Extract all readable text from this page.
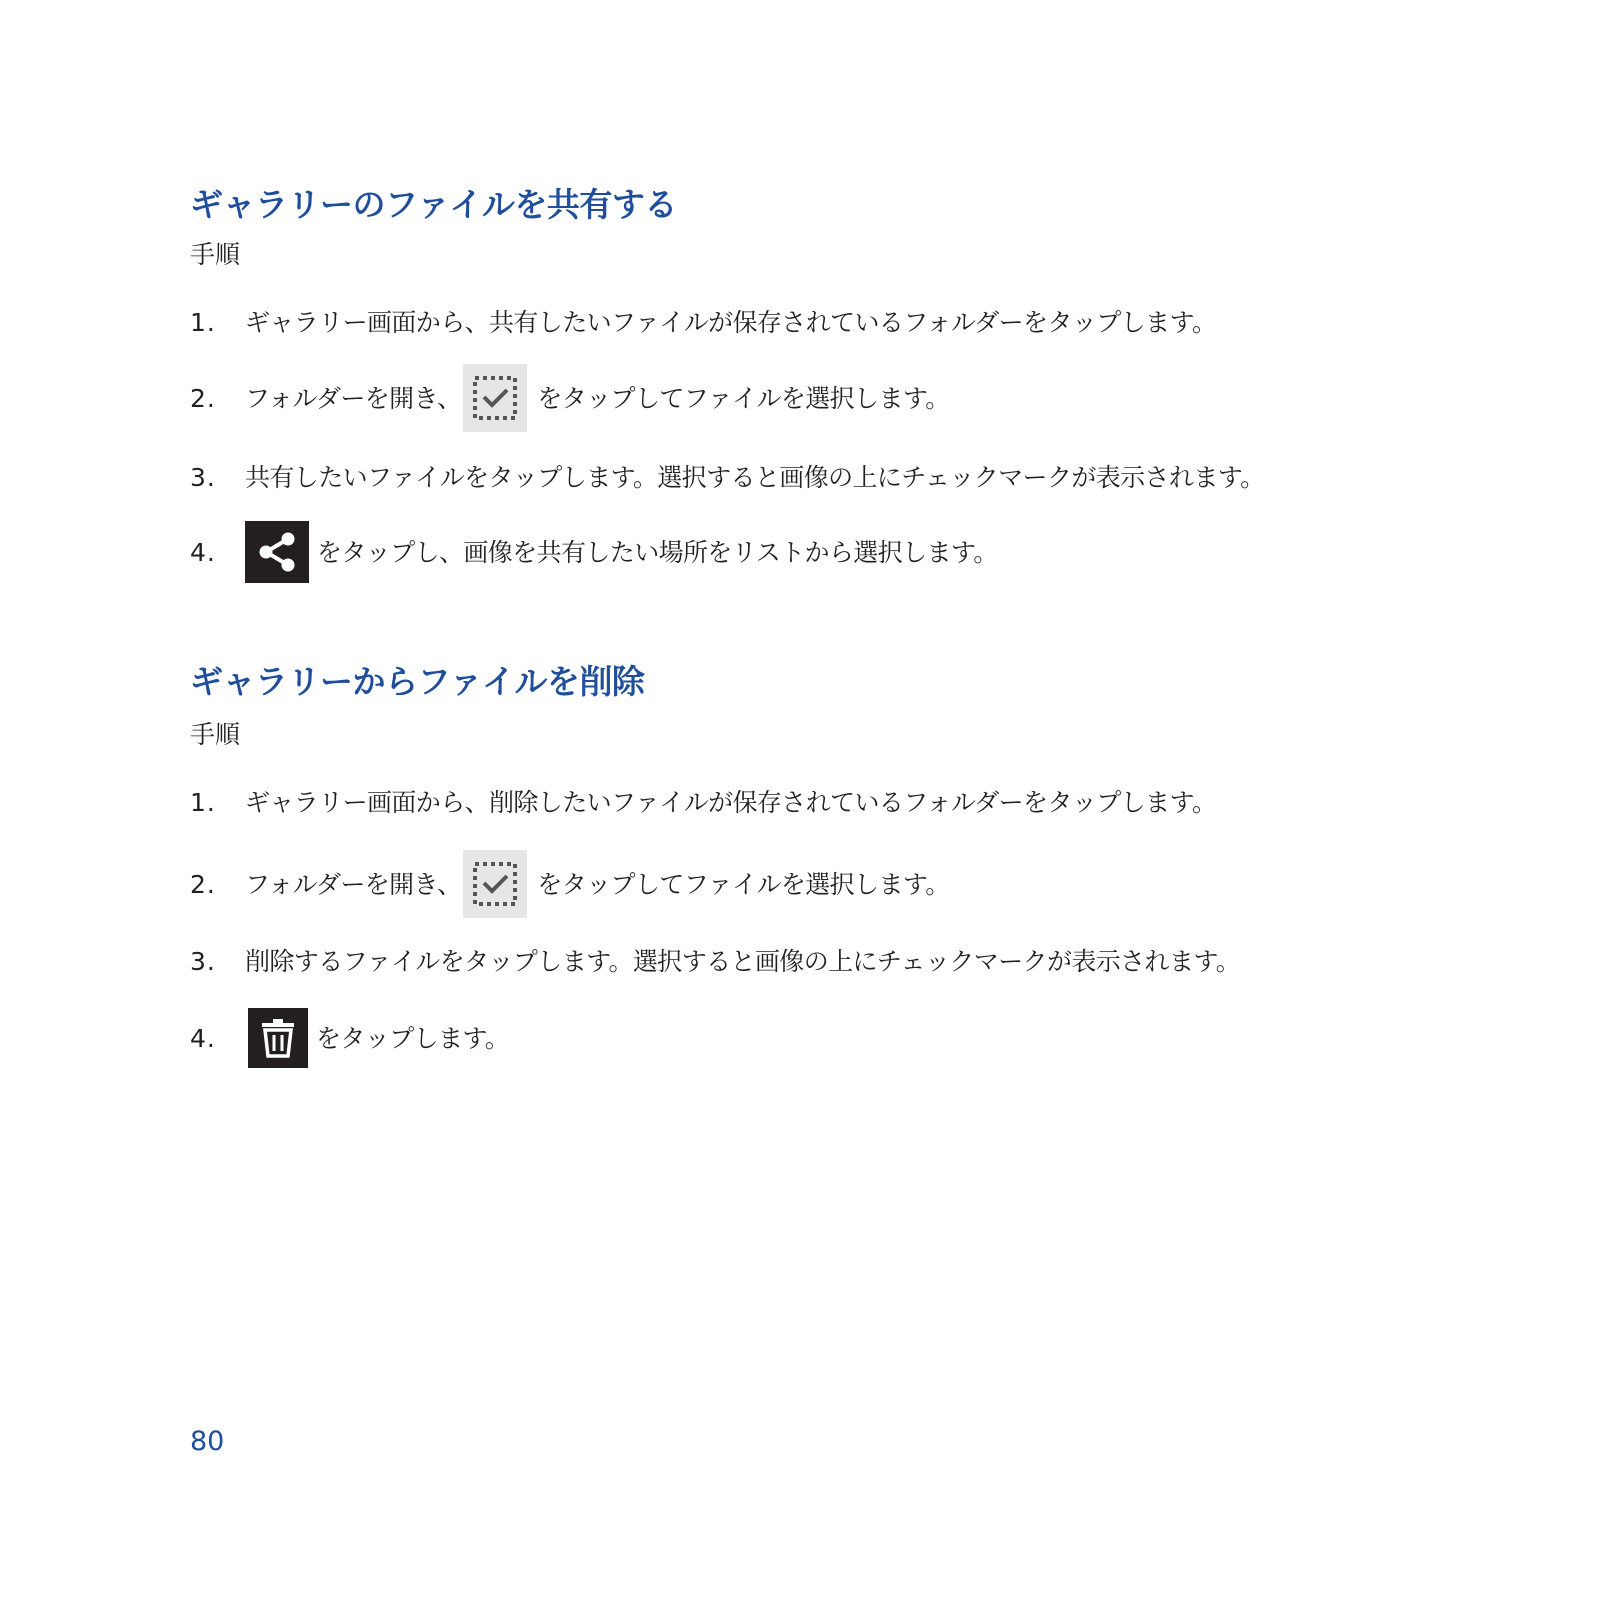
ギャラリーのファイルを共有する
手順
1.	ギャラリー画面から、共有したいファイルが保存されているフォルダーをタップします。
2.	フォルダーを開き、	をタップしてファイルを選択します。
3.	共有したいファイルをタップします。選択すると画像の上にチェックマークが表示されます。
4.	をタップし、画像を共有したい場所をリストから選択します。
ギャラリーからファイルを削除
手順
1.	ギャラリー画面から、削除したいファイルが保存されているフォルダーをタップします。
2.	フォルダーを開き、	をタップしてファイルを選択します。
3.	削除するファイルをタップします。選択すると画像の上にチェックマークが表示されます。
4.	をタップします。
80
